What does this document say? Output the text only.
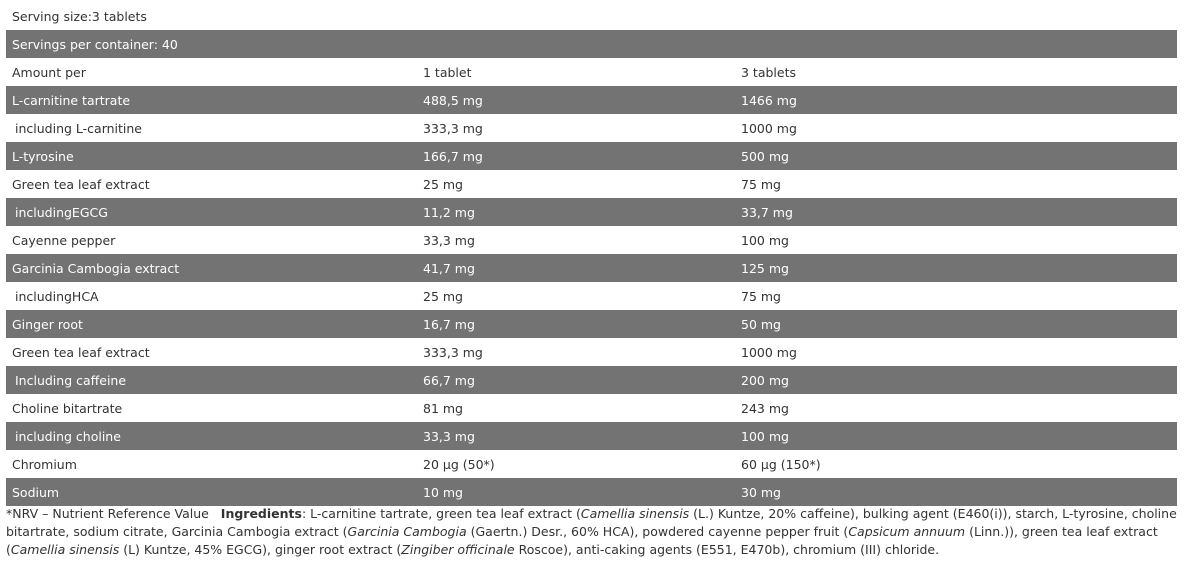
Serving size:3 tablets
Servings per container: 40
Amount per	1 tablet	3 tablets
L-carnitine tartrate	488,5 mg	1466 mg
including L-carnitine	333,3 mg	1000 mg
L-tyrosine	166,7 mg	500 mg
Green tea leaf extract	25 mg	75 mg
includingEGCG	11,2 mg	33,7 mg
Cayenne pepper	33,3 mg	100 mg
Garcinia Cambogia extract	41,7 mg	125 mg
includingHCA	25 mg	75 mg
Ginger root	16,7 mg	50 mg
Green tea leaf extract	333,3 mg	1000 mg
Including caffeine	66,7 mg	200 mg
Choline bitartrate	81 mg	243 mg
including choline	33,3 mg	100 mg
Chromium	20 µg (50*)	60 µg (150*)
Sodium	10 mg	30 mg
*NRV – Nutrient Reference Value Ingredients: L-carnitine tartrate, green tea leaf extract (Camellia sinensis (L.) Kuntze, 20% caffeine), bulking agent (E460(i)), starch, L-tyrosine, choline bitartrate, sodium citrate, Garcinia Cambogia extract (Garcinia Cambogia (Gaertn.) Desr., 60% HCA), powdered cayenne pepper fruit (Capsicum annuum (Linn.)), green tea leaf extract (Camellia sinensis (L) Kuntze, 45% EGCG), ginger root extract (Zingiber officinale Roscoe), anti-caking agents (E551, E470b), chromium (III) chloride.
